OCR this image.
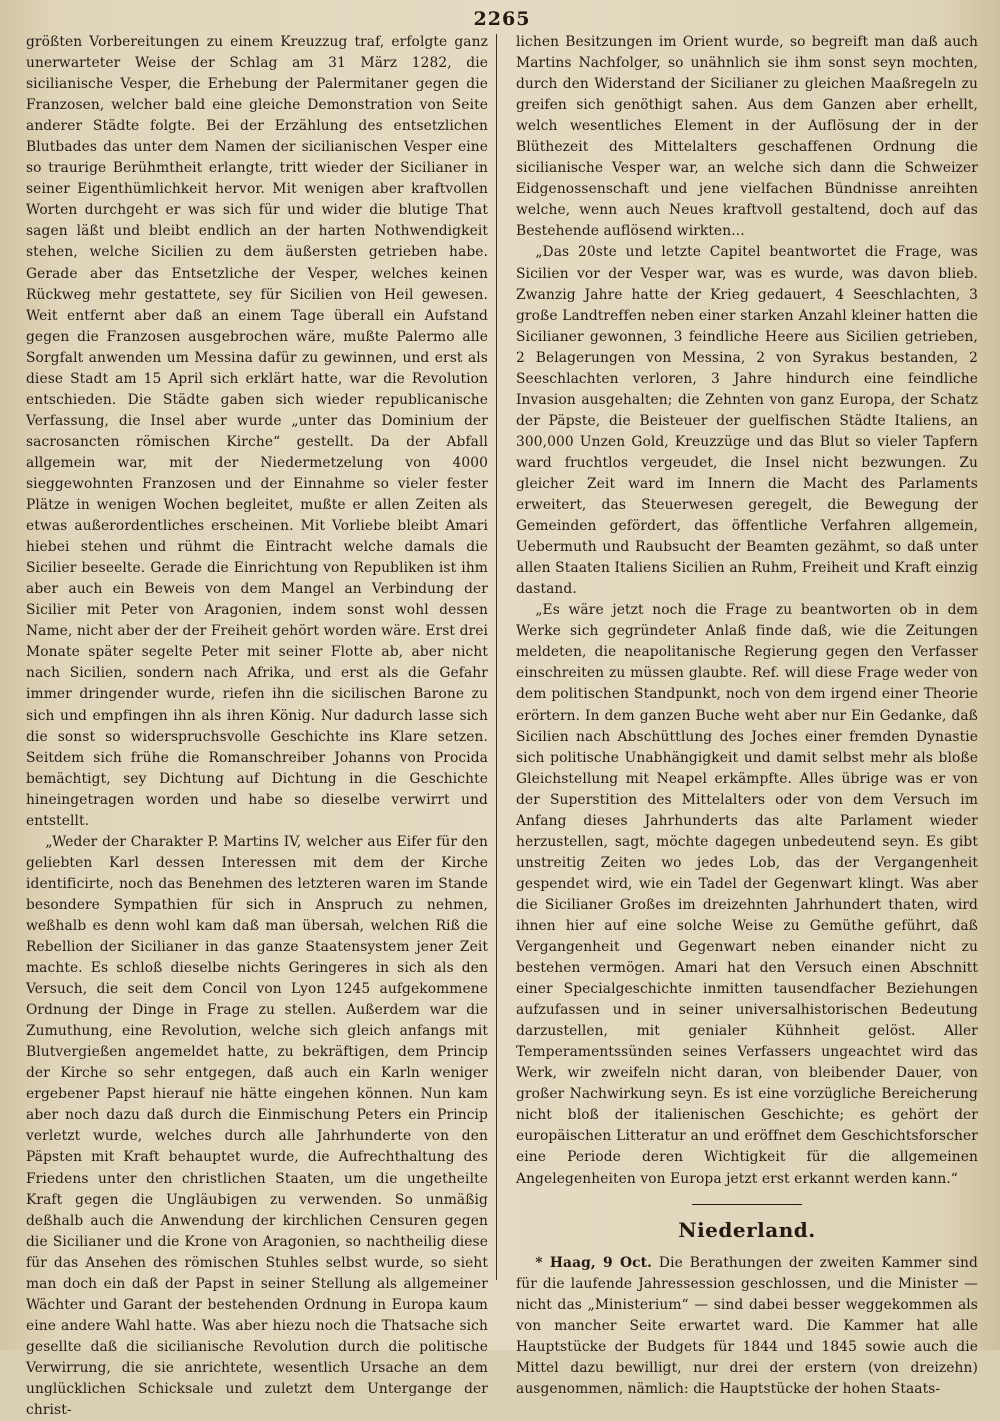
2265

größten Vorbereitungen zu einem Kreuzzug traf, erfolgte ganz unerwarteter Weise der Schlag am 31 März 1282, die sicilianische Vesper, die Erhebung der Palermitaner gegen die Franzosen, welcher bald eine gleiche Demonstration von Seite anderer Städte folgte. Bei der Erzählung des entsetzlichen Blutbades das unter dem Namen der sicilianischen Vesper eine so traurige Berühmtheit erlangte, tritt wieder der Sicilianer in seiner Eigenthümlichkeit hervor. Mit wenigen aber kraftvollen Worten durchgeht er was sich für und wider die blutige That sagen läßt und bleibt endlich an der harten Nothwendigkeit stehen, welche Sicilien zu dem äußersten getrieben habe. Gerade aber das Entsetzliche der Vesper, welches keinen Rückweg mehr gestattete, sey für Sicilien von Heil gewesen. Weit entfernt aber daß an einem Tage überall ein Aufstand gegen die Franzosen ausgebrochen wäre, mußte Palermo alle Sorgfalt anwenden um Messina dafür zu gewinnen, und erst als diese Stadt am 15 April sich erklärt hatte, war die Revolution entschieden. Die Städte gaben sich wieder republicanische Verfassung, die Insel aber wurde „unter das Dominium der sacrosancten römischen Kirche“ gestellt. Da der Abfall allgemein war, mit der Niedermetzelung von 4000 sieggewohnten Franzosen und der Einnahme so vieler fester Plätze in wenigen Wochen begleitet, mußte er allen Zeiten als etwas außerordentliches erscheinen. Mit Vorliebe bleibt Amari hiebei stehen und rühmt die Eintracht welche damals die Sicilier beseelte. Gerade die Einrichtung von Republiken ist ihm aber auch ein Beweis von dem Mangel an Verbindung der Sicilier mit Peter von Aragonien, indem sonst wohl dessen Name, nicht aber der der Freiheit gehört worden wäre. Erst drei Monate später segelte Peter mit seiner Flotte ab, aber nicht nach Sicilien, sondern nach Afrika, und erst als die Gefahr immer dringender wurde, riefen ihn die sicilischen Barone zu sich und empfingen ihn als ihren König. Nur dadurch lasse sich die sonst so widerspruchsvolle Geschichte ins Klare setzen. Seitdem sich frühe die Romanschreiber Johanns von Procida bemächtigt, sey Dichtung auf Dichtung in die Geschichte hineingetragen worden und habe so dieselbe verwirrt und entstellt.

„Weder der Charakter P. Martins IV, welcher aus Eifer für den geliebten Karl dessen Interessen mit dem der Kirche identificirte, noch das Benehmen des letzteren waren im Stande besondere Sympathien für sich in Anspruch zu nehmen, weßhalb es denn wohl kam daß man übersah, welchen Riß die Rebellion der Sicilianer in das ganze Staatensystem jener Zeit machte. Es schloß dieselbe nichts Geringeres in sich als den Versuch, die seit dem Concil von Lyon 1245 aufgekommene Ordnung der Dinge in Frage zu stellen. Außerdem war die Zumuthung, eine Revolution, welche sich gleich anfangs mit Blutvergießen angemeldet hatte, zu bekräftigen, dem Princip der Kirche so sehr entgegen, daß auch ein Karln weniger ergebener Papst hierauf nie hätte eingehen können. Nun kam aber noch dazu daß durch die Einmischung Peters ein Princip verletzt wurde, welches durch alle Jahrhunderte von den Päpsten mit Kraft behauptet wurde, die Aufrechthaltung des Friedens unter den christlichen Staaten, um die ungetheilte Kraft gegen die Ungläubigen zu verwenden. So unmäßig deßhalb auch die Anwendung der kirchlichen Censuren gegen die Sicilianer und die Krone von Aragonien, so nachtheilig diese für das Ansehen des römischen Stuhles selbst wurde, so sieht man doch ein daß der Papst in seiner Stellung als allgemeiner Wächter und Garant der bestehenden Ordnung in Europa kaum eine andere Wahl hatte. Was aber hiezu noch die Thatsache sich gesellte daß die sicilianische Revolution durch die politische Verwirrung, die sie anrichtete, wesentlich Ursache an dem unglücklichen Schicksale und zuletzt dem Untergange der christ-

lichen Besitzungen im Orient wurde, so begreift man daß auch Martins Nachfolger, so unähnlich sie ihm sonst seyn mochten, durch den Widerstand der Sicilianer zu gleichen Maaßregeln zu greifen sich genöthigt sahen. Aus dem Ganzen aber erhellt, welch wesentliches Element in der Auflösung der in der Blüthezeit des Mittelalters geschaffenen Ordnung die sicilianische Vesper war, an welche sich dann die Schweizer Eidgenossenschaft und jene vielfachen Bündnisse anreihten welche, wenn auch Neues kraftvoll gestaltend, doch auf das Bestehende auflösend wirkten...

„Das 20ste und letzte Capitel beantwortet die Frage, was Sicilien vor der Vesper war, was es wurde, was davon blieb. Zwanzig Jahre hatte der Krieg gedauert, 4 Seeschlachten, 3 große Landtreffen neben einer starken Anzahl kleiner hatten die Sicilianer gewonnen, 3 feindliche Heere aus Sicilien getrieben, 2 Belagerungen von Messina, 2 von Syrakus bestanden, 2 Seeschlachten verloren, 3 Jahre hindurch eine feindliche Invasion ausgehalten; die Zehnten von ganz Europa, der Schatz der Päpste, die Beisteuer der guelfischen Städte Italiens, an 300,000 Unzen Gold, Kreuzzüge und das Blut so vieler Tapfern ward fruchtlos vergeudet, die Insel nicht bezwungen. Zu gleicher Zeit ward im Innern die Macht des Parlaments erweitert, das Steuerwesen geregelt, die Bewegung der Gemeinden gefördert, das öffentliche Verfahren allgemein, Uebermuth und Raubsucht der Beamten gezähmt, so daß unter allen Staaten Italiens Sicilien an Ruhm, Freiheit und Kraft einzig dastand.

„Es wäre jetzt noch die Frage zu beantworten ob in dem Werke sich gegründeter Anlaß finde daß, wie die Zeitungen meldeten, die neapolitanische Regierung gegen den Verfasser einschreiten zu müssen glaubte. Ref. will diese Frage weder von dem politischen Standpunkt, noch von dem irgend einer Theorie erörtern. In dem ganzen Buche weht aber nur Ein Gedanke, daß Sicilien nach Abschüttlung des Joches einer fremden Dynastie sich politische Unabhängigkeit und damit selbst mehr als bloße Gleichstellung mit Neapel erkämpfte. Alles übrige was er von der Superstition des Mittelalters oder von dem Versuch im Anfang dieses Jahrhunderts das alte Parlament wieder herzustellen, sagt, möchte dagegen unbedeutend seyn. Es gibt unstreitig Zeiten wo jedes Lob, das der Vergangenheit gespendet wird, wie ein Tadel der Gegenwart klingt. Was aber die Sicilianer Großes im dreizehnten Jahrhundert thaten, wird ihnen hier auf eine solche Weise zu Gemüthe geführt, daß Vergangenheit und Gegenwart neben einander nicht zu bestehen vermögen. Amari hat den Versuch einen Abschnitt einer Specialgeschichte inmitten tausendfacher Beziehungen aufzufassen und in seiner universalhistorischen Bedeutung darzustellen, mit genialer Kühnheit gelöst. Aller Temperamentssünden seines Verfassers ungeachtet wird das Werk, wir zweifeln nicht daran, von bleibender Dauer, von großer Nachwirkung seyn. Es ist eine vorzügliche Bereicherung nicht bloß der italienischen Geschichte; es gehört der europäischen Litteratur an und eröffnet dem Geschichtsforscher eine Periode deren Wichtigkeit für die allgemeinen Angelegenheiten von Europa jetzt erst erkannt werden kann.“

Niederland.

* Haag, 9 Oct. Die Berathungen der zweiten Kammer sind für die laufende Jahressession geschlossen, und die Minister — nicht das „Ministerium“ — sind dabei besser weggekommen als von mancher Seite erwartet ward. Die Kammer hat alle Hauptstücke der Budgets für 1844 und 1845 sowie auch die Mittel dazu bewilligt, nur drei der erstern (von dreizehn) ausgenommen, nämlich: die Hauptstücke der hohen Staats-
